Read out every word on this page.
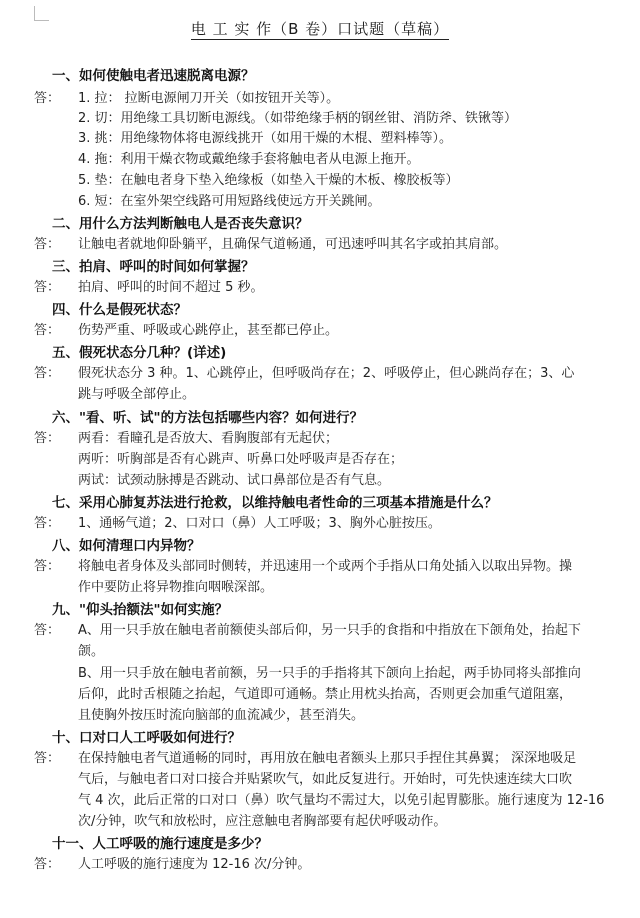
电 工 实 作（B 卷）口试题（草稿）
一、如何使触电者迅速脱离电源？
答： 1. 拉： 拉断电源闸刀开关（如按钮开关等）。
2. 切：用绝缘工具切断电源线。（如带绝缘手柄的钢丝钳、消防斧、铁锹等）
3. 挑：用绝缘物体将电源线挑开（如用干燥的木棍、塑料棒等）。
4. 拖：利用干燥衣物或戴绝缘手套将触电者从电源上拖开。
5. 垫：在触电者身下垫入绝缘板（如垫入干燥的木板、橡胶板等）
6. 短：在室外架空线路可用短路线使远方开关跳闸。
二、用什么方法判断触电人是否丧失意识？
答： 让触电者就地仰卧躺平，且确保气道畅通，可迅速呼叫其名字或拍其肩部。
三、拍肩、呼叫的时间如何掌握？
答： 拍肩、呼叫的时间不超过 5 秒。
四、什么是假死状态？
答： 伤势严重、呼吸或心跳停止，甚至都已停止。
五、假死状态分几种？(详述)
答： 假死状态分 3 种。1、心跳停止，但呼吸尚存在；2、呼吸停止，但心跳尚存在；3、心
跳与呼吸全部停止。
六、"看、听、试"的方法包括哪些内容？如何进行？
答： 两看：看瞳孔是否放大、看胸腹部有无起伏；
两听：听胸部是否有心跳声、听鼻口处呼吸声是否存在；
两试：试颈动脉搏是否跳动、试口鼻部位是否有气息。
七、采用心肺复苏法进行抢救，以维持触电者性命的三项基本措施是什么？
答： 1、通畅气道；2、口对口（鼻）人工呼吸；3、胸外心脏按压。
八、如何清理口内异物？
答： 将触电者身体及头部同时侧转，并迅速用一个或两个手指从口角处插入以取出异物。操
作中要防止将异物推向咽喉深部。
九、"仰头抬额法"如何实施？
答： A、用一只手放在触电者前额使头部后仰，另一只手的食指和中指放在下颌角处，抬起下
颌。
B、用一只手放在触电者前额，另一只手的手指将其下颌向上抬起，两手协同将头部推向
后仰，此时舌根随之抬起，气道即可通畅。禁止用枕头抬高，否则更会加重气道阻塞，
且使胸外按压时流向脑部的血流减少，甚至消失。
十、口对口人工呼吸如何进行？
答： 在保持触电者气道通畅的同时，再用放在触电者额头上那只手捏住其鼻翼； 深深地吸足
气后，与触电者口对口接合并贴紧吹气，如此反复进行。开始时，可先快速连续大口吹
气 4 次，此后正常的口对口（鼻）吹气量均不需过大，以免引起胃膨胀。施行速度为 12-16
次/分钟，吹气和放松时，应注意触电者胸部要有起伏呼吸动作。
十一、人工呼吸的施行速度是多少？
答： 人工呼吸的施行速度为 12-16 次/分钟。
